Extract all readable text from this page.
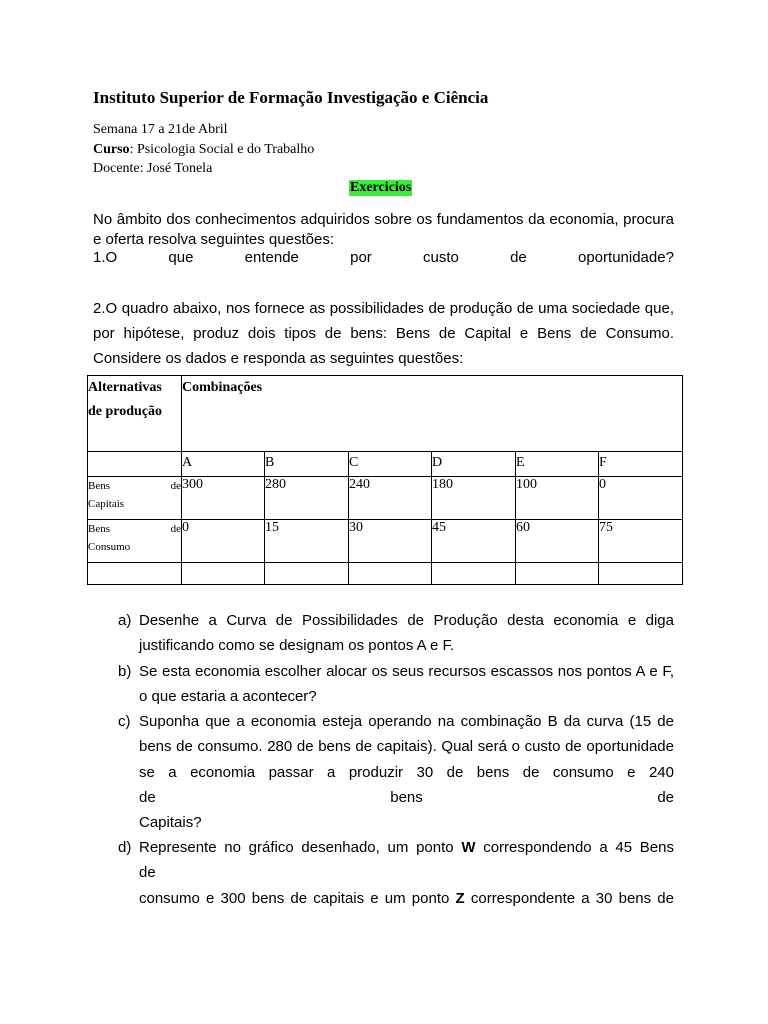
Instituto Superior de Formação Investigação e Ciência
Semana 17 a 21de Abril
Curso: Psicologia Social e do Trabalho
Docente: José Tonela
Exercicios
No âmbito dos conhecimentos adquiridos sobre os fundamentos da economia, procura e oferta resolva seguintes questões:
1.O	que	entende	por	custo	de	oportunidade?
2.O quadro abaixo, nos fornece as possibilidades de produção de uma sociedade que, por hipótese, produz dois tipos de bens: Bens de Capital e Bens de Consumo. Considere os dados e responda as seguintes questões:
Alternativas de produção	Combinações					
	A	B	C	D	E	F

Bens de
Capitais	300	280	240	180	100	0

Bens de
Consumo	0	15	30	45	60	75

a) Desenhe a Curva de Possibilidades de Produção desta economia e diga justificando como se designam os pontos A e F.
b) Se esta economia escolher alocar os seus recursos escassos nos pontos A e F, o que estaria a acontecer?
c) Suponha que a economia esteja operando na combinação B da curva (15 de bens de consumo. 280 de bens de capitais). Qual será o custo de oportunidade se a economia passar a produzir 30 de bens de consumo e 240
de	bens	de
Capitais?
d) Represente no gráfico desenhado, um ponto W correspondendo a 45 Bens
de
consumo e 300 bens de capitais e um ponto Z correspondente a 30 bens de
